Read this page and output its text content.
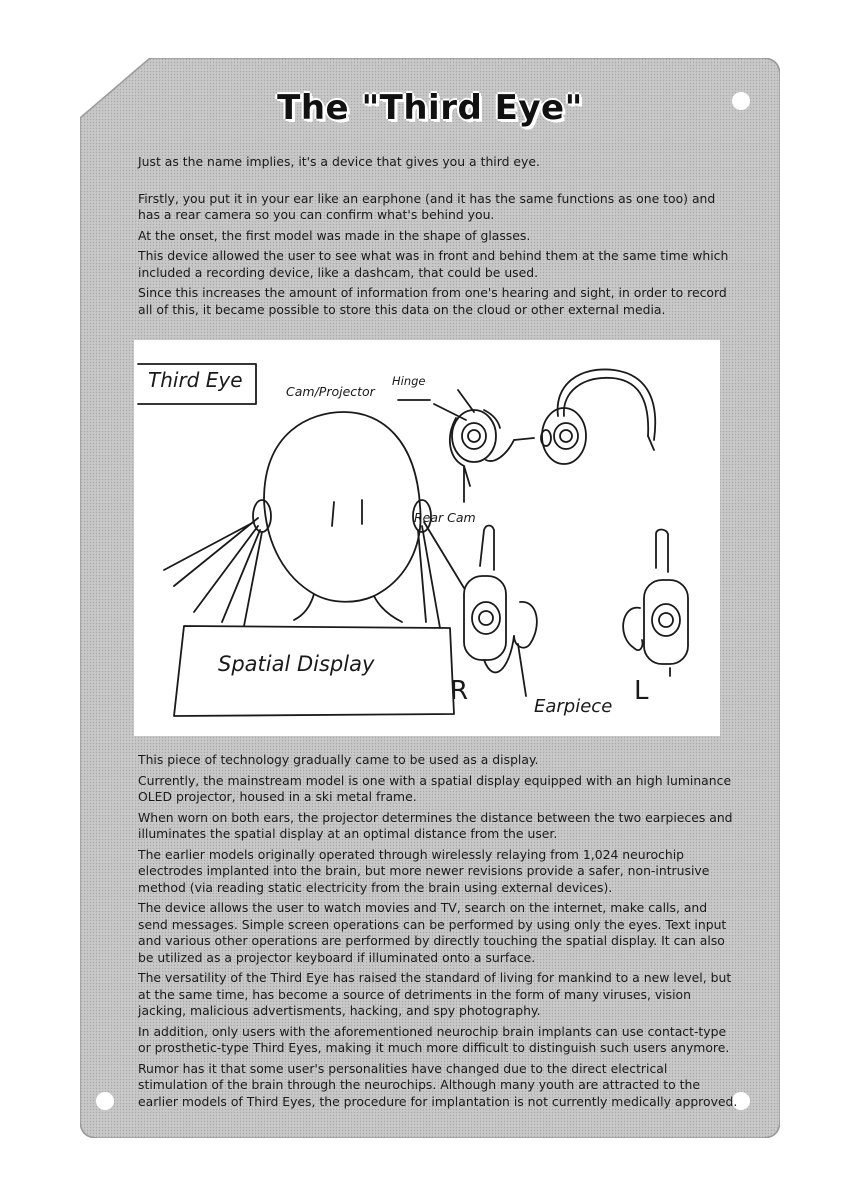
The "Third Eye"

Just as the name implies, it's a device that gives you a third eye.

Firstly, you put it in your ear like an earphone (and it has the same functions as one too) and has a rear camera so you can confirm what's behind you.

At the onset, the first model was made in the shape of glasses.

This device allowed the user to see what was in front and behind them at the same time which included a recording device, like a dashcam, that could be used.

Since this increases the amount of information from one's hearing and sight, in order to record all of this, it became possible to store this data on the cloud or other external media.

Third Eye	Cam/Projector
Hinge
Rear Cam
Spatial Display
R
Earpiece
L

This piece of technology gradually came to be used as a display.

Currently, the mainstream model is one with a spatial display equipped with an high luminance OLED projector, housed in a ski metal frame.

When worn on both ears, the projector determines the distance between the two earpieces and illuminates the spatial display at an optimal distance from the user.

The earlier models originally operated through wirelessly relaying from 1,024 neurochip electrodes implanted into the brain, but more newer revisions provide a safer, non-intrusive method (via reading static electricity from the brain using external devices).

The device allows the user to watch movies and TV, search on the internet, make calls, and send messages. Simple screen operations can be performed by using only the eyes. Text input and various other operations are performed by directly touching the spatial display. It can also be utilized as a projector keyboard if illuminated onto a surface.

The versatility of the Third Eye has raised the standard of living for mankind to a new level, but at the same time, has become a source of detriments in the form of many viruses, vision jacking, malicious advertisments, hacking, and spy photography.

In addition, only users with the aforementioned neurochip brain implants can use contact-type or prosthetic-type Third Eyes, making it much more difficult to distinguish such users anymore.

Rumor has it that some user's personalities have changed due to the direct electrical stimulation of the brain through the neurochips. Although many youth are attracted to the earlier models of Third Eyes, the procedure for implantation is not currently medically approved.
